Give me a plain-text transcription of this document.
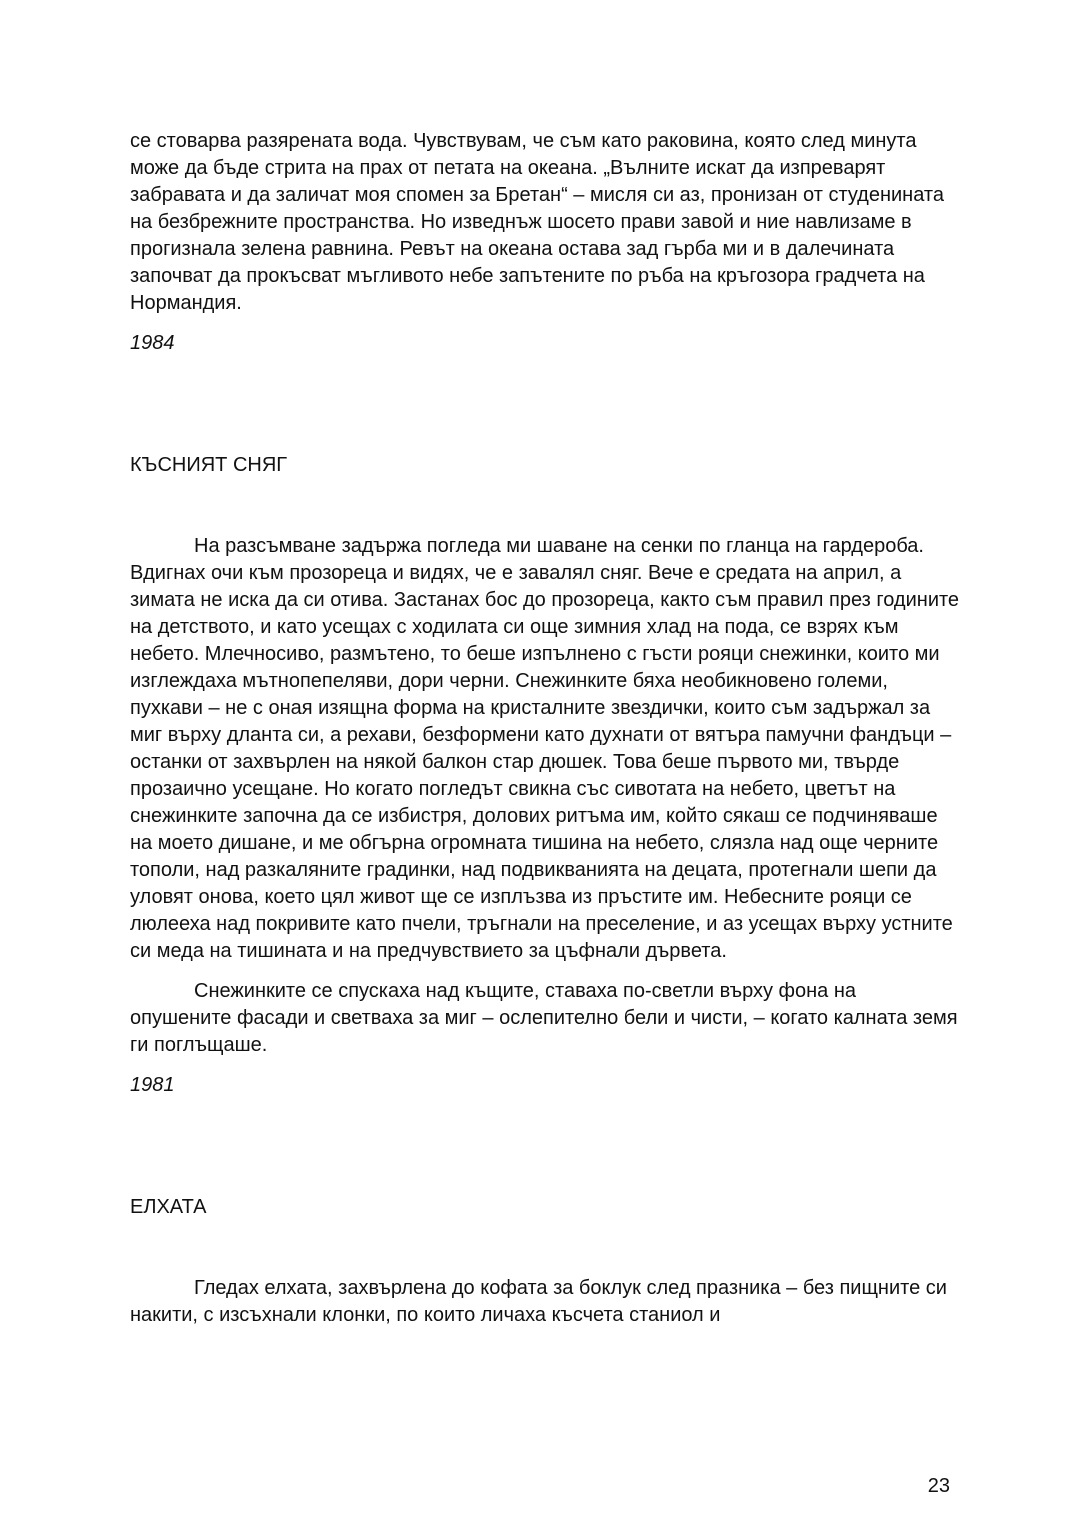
се стоварва разярената вода. Чувствувам, че съм като раковина, която след минута може да бъде стрита на прах от петата на океана. „Вълните искат да изпреварят забравата и да заличат моя спомен за Бретан“ – мисля си аз, пронизан от студенината на безбрежните пространства. Но изведнъж шосето прави завой и ние навлизаме в прогизнала зелена равнина. Ревът на океана остава зад гърба ми и в далечината започват да прокъсват мъгливото небе запътените по ръба на кръгозора градчета на Нормандия.

1984

КЪСНИЯТ СНЯГ

На разсъмване задържа погледа ми шаване на сенки по гланца на гардероба. Вдигнах очи към прозореца и видях, че е завалял сняг. Вече е средата на април, а зимата не иска да си отива. Застанах бос до прозореца, както съм правил през годините на детството, и като усещах с ходилата си още зимния хлад на пода, се взрях към небето. Млечносиво, размътено, то беше изпълнено с гъсти рояци снежинки, които ми изглеждаха мътнопепеляви, дори черни. Снежинките бяха необикновено големи, пухкави – не с оная изящна форма на кристалните звездички, които съм задържал за миг върху дланта си, а рехави, безформени като духнати от вятъра памучни фандъци – останки от захвърлен на някой балкон стар дюшек. Това беше първото ми, твърде прозаично усещане. Но когато погледът свикна със сивотата на небето, цветът на снежинките започна да се избистря, долових ритъма им, който сякаш се подчиняваше на моето дишане, и ме обгърна огромната тишина на небето, слязла над още черните тополи, над разкаляните градинки, над подвикванията на децата, протегнали шепи да уловят онова, което цял живот ще се изплъзва из пръстите им. Небесните рояци се люлееха над покривите като пчели, тръгнали на преселение, и аз усещах върху устните си меда на тишината и на предчувствието за цъфнали дървета.

Снежинките се спускаха над къщите, ставаха по-светли върху фона на опушените фасади и светваха за миг – ослепително бели и чисти, – когато калната земя ги поглъщаше.

1981

ЕЛХАТА

Гледах елхата, захвърлена до кофата за боклук след празника – без пищните си накити, с изсъхнали клонки, по които личаха късчета станиол и

23
